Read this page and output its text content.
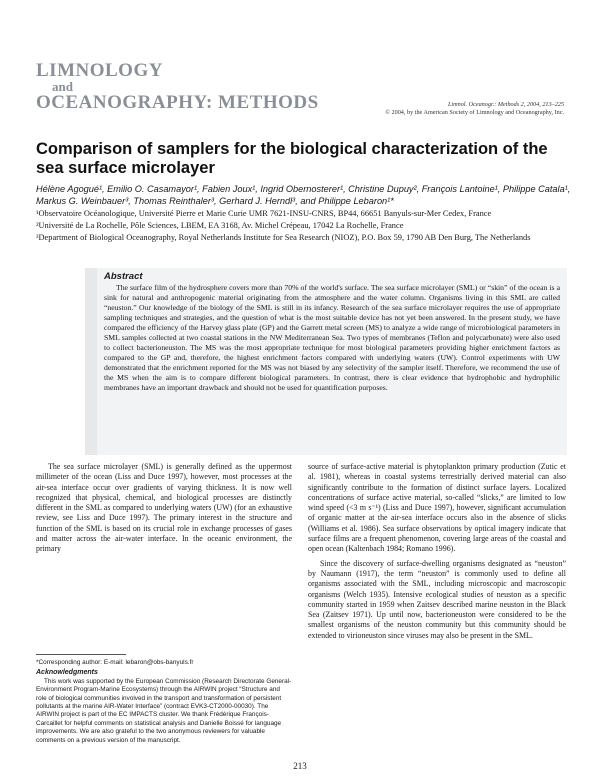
LIMNOLOGY
and
OCEANOGRAPHY: METHODS	Limnol. Oceanogr.: Methods 2, 2004, 213–225
© 2004, by the American Society of Limnology and Oceanography, Inc.
Comparison of samplers for the biological characterization of the sea surface microlayer
Hélène Agogué¹, Emilio O. Casamayor¹, Fabien Joux¹, Ingrid Obernosterer¹, Christine Dupuy², François Lantoine¹, Philippe Catala¹, Markus G. Weinbauer³, Thomas Reinthaler³, Gerhard J. Herndl³, and Philippe Lebaron¹*
¹Observatoire Océanologique, Université Pierre et Marie Curie UMR 7621-INSU-CNRS, BP44, 66651 Banyuls-sur-Mer Cedex, France
²Université de La Rochelle, Pôle Sciences, LBEM, EA 3168, Av. Michel Crépeau, 17042 La Rochelle, France
³Department of Biological Oceanography, Royal Netherlands Institute for Sea Research (NIOZ), P.O. Box 59, 1790 AB Den Burg, The Netherlands
Abstract
The surface film of the hydrosphere covers more than 70% of the world's surface. The sea surface microlayer (SML) or “skin” of the ocean is a sink for natural and anthropogenic material originating from the atmosphere and the water column. Organisms living in this SML are called “neuston.” Our knowledge of the biology of the SML is still in its infancy. Research of the sea surface microlayer requires the use of appropriate sampling techniques and strategies, and the question of what is the most suitable device has not yet been answered. In the present study, we have compared the efficiency of the Harvey glass plate (GP) and the Garrett metal screen (MS) to analyze a wide range of microbiological parameters in SML samples collected at two coastal stations in the NW Mediterranean Sea. Two types of membranes (Teflon and polycarbonate) were also used to collect bacterioneuston. The MS was the most appropriate technique for most biological parameters providing higher enrichment factors as compared to the GP and, therefore, the highest enrichment factors compared with underlying waters (UW). Control experiments with UW demonstrated that the enrichment reported for the MS was not biased by any selectivity of the sampler itself. Therefore, we recommend the use of the MS when the aim is to compare different biological parameters. In contrast, there is clear evidence that hydrophobic and hydrophilic membranes have an important drawback and should not be used for quantification purposes.

The sea surface microlayer (SML) is generally defined as the uppermost millimeter of the ocean (Liss and Duce 1997), however, most processes at the air-sea interface occur over gradients of varying thickness. It is now well recognized that physical, chemical, and biological processes are distinctly different in the SML as compared to underlying waters (UW) (for an exhaustive review, see Liss and Duce 1997). The primary interest in the structure and function of the SML is based on its crucial role in exchange processes of gases and matter across the air-water interface. In the oceanic environment, the primary

source of surface-active material is phytoplankton primary production (Zutic et al. 1981), whereas in coastal systems terrestrially derived material can also significantly contribute to the formation of distinct surface layers. Localized concentrations of surface active material, so-called “slicks,” are limited to low wind speed (<3 m s⁻¹) (Liss and Duce 1997), however, significant accumulation of organic matter at the air-sea interface occurs also in the absence of slicks (Williams et al. 1986). Sea surface observations by optical imagery indicate that surface films are a frequent phenomenon, covering large areas of the coastal and open ocean (Kaltenbach 1984; Romano 1996).

Since the discovery of surface-dwelling organisms designated as “neuston” by Naumann (1917), the term “neuston” is commonly used to define all organisms associated with the SML, including microscopic and macroscopic organisms (Welch 1935). Intensive ecological studies of neuston as a specific community started in 1959 when Zaitsev described marine neuston in the Black Sea (Zaitsev 1971). Up until now, bacterioneuston were considered to be the smallest organisms of the neuston community but this community should be extended to virioneuston since viruses may also be present in the SML.

*Corresponding author: E-mail: lebaron@obs-banyuls.fr
Acknowledgments
This work was supported by the European Commission (Research Directorate General-Environment Program-Marine Ecosystems) through the AIRWIN project “Structure and role of biological communities involved in the transport and transformation of persistent pollutants at the marine AIR-Water Interface” (contract EVK3-CT2000-00030). The AIRWIN project is part of the EC IMPACTS cluster. We thank Frédérique François-Carcaillet for helpful comments on statistical analysis and Danielle Boissé for language improvements. We are also grateful to the two anonymous reviewers for valuable comments on a previous version of the manuscript.
213
